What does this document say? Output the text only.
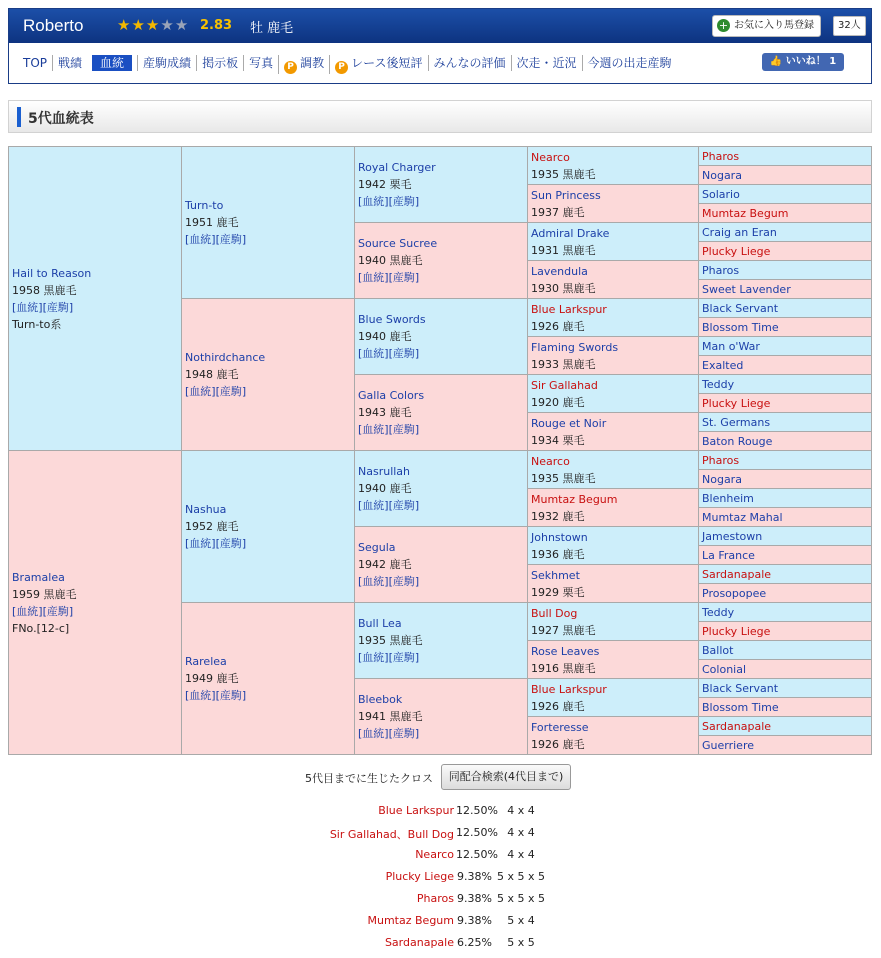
Roberto ★★★★★ 2.83 牡 鹿毛	+ お気に入り馬登録	32人
TOP 戦績 血統 産駒成績 掲示板 写真 P 調教 P レース後短評 みんなの評価 次走・近況 今週の出走産駒	👍 いいね！ 1
5代血統表
Hail to Reason
1958 黒鹿毛
[血統][産駒]
Turn-to系	Turn-to
1951 鹿毛
[血統][産駒]	Royal Charger
1942 栗毛
[血統][産駒]	Nearco
1935 黒鹿毛	Pharos
				Nogara
			Sun Princess
1937 鹿毛	Solario
				Mumtaz Begum
		Source Sucree
1940 黒鹿毛
[血統][産駒]	Admiral Drake
1931 黒鹿毛	Craig an Eran
				Plucky Liege
			Lavendula
1930 黒鹿毛	Pharos
				Sweet Lavender
	Nothirdchance
1948 鹿毛
[血統][産駒]	Blue Swords
1940 鹿毛
[血統][産駒]	Blue Larkspur
1926 鹿毛	Black Servant
				Blossom Time
			Flaming Swords
1933 黒鹿毛	Man o'War
				Exalted
		Galla Colors
1943 鹿毛
[血統][産駒]	Sir Gallahad
1920 鹿毛	Teddy
				Plucky Liege
			Rouge et Noir
1934 栗毛	St. Germans
				Baton Rouge
Bramalea
1959 黒鹿毛
[血統][産駒]
FNo.[12-c]	Nashua
1952 鹿毛
[血統][産駒]	Nasrullah
1940 鹿毛
[血統][産駒]	Nearco
1935 黒鹿毛	Pharos
				Nogara
			Mumtaz Begum
1932 鹿毛	Blenheim
				Mumtaz Mahal
		Segula
1942 鹿毛
[血統][産駒]	Johnstown
1936 鹿毛	Jamestown
				La France
			Sekhmet
1929 栗毛	Sardanapale
				Prosopopee
	Rarelea
1949 鹿毛
[血統][産駒]	Bull Lea
1935 黒鹿毛
[血統][産駒]	Bull Dog
1927 黒鹿毛	Teddy
				Plucky Liege
			Rose Leaves
1916 黒鹿毛	Ballot
				Colonial
		Bleebok
1941 黒鹿毛
[血統][産駒]	Blue Larkspur
1926 鹿毛	Black Servant
				Blossom Time
			Forteresse
1926 鹿毛	Sardanapale
				Guerriere
5代目までに生じたクロス	同配合検索(4代目まで)
Blue Larkspur 12.50% 4 x 4
Sir Gallahad、Bull Dog 12.50% 4 x 4
Nearco 12.50% 4 x 4
Plucky Liege 9.38% 5 x 5 x 5
Pharos 9.38% 5 x 5 x 5
Mumtaz Begum 9.38%	5 x 4
Sardanapale 6.25%	5 x 5
